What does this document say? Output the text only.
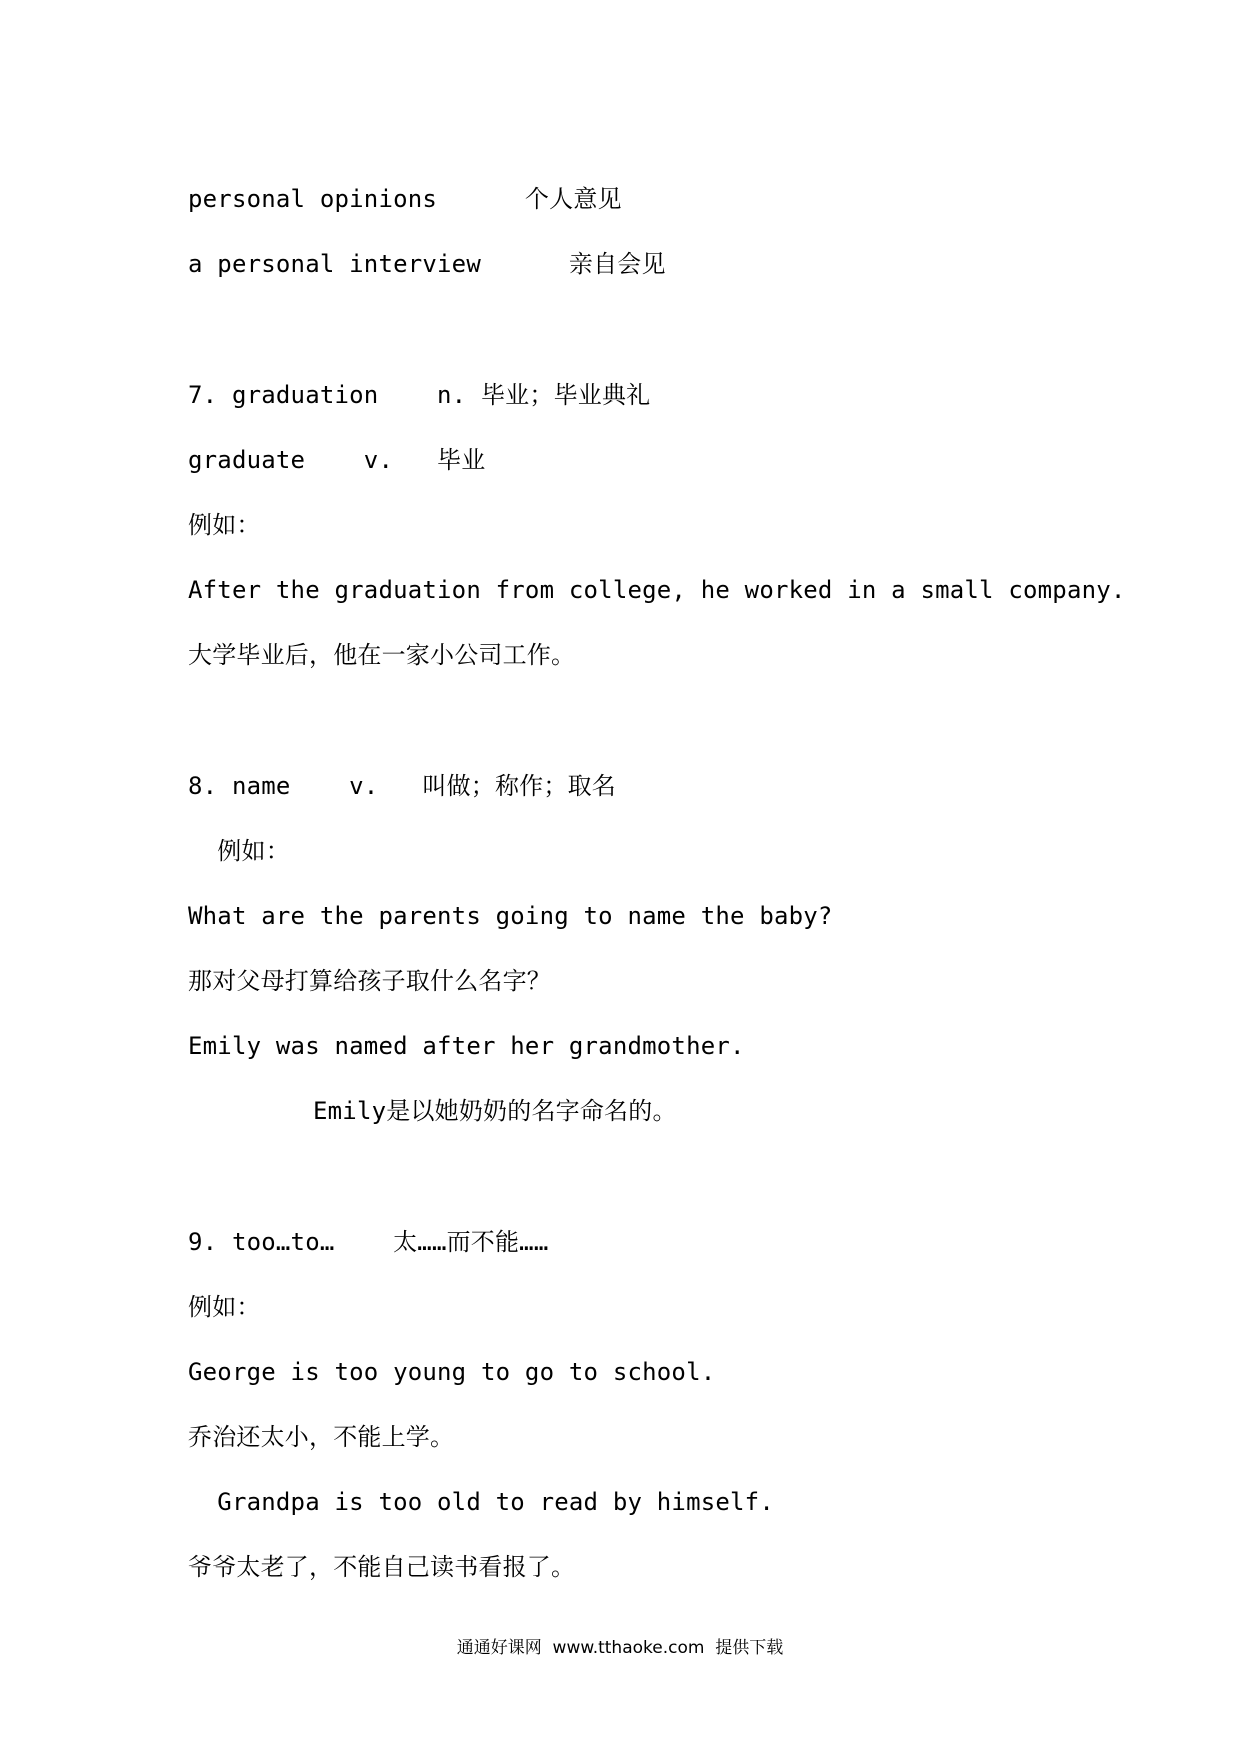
personal opinions      个人意见
a personal interview      亲自会见
7. graduation    n. 毕业；毕业典礼
graduate    v.   毕业
例如：
After the graduation from college, he worked in a small company.
大学毕业后，他在一家小公司工作。
8. name    v.   叫做；称作；取名
例如：
What are the parents going to name the baby?
那对父母打算给孩子取什么名字？
Emily was named after her grandmother.
Emily是以她奶奶的名字命名的。
9. too…to…    太……而不能……
例如：
George is too young to go to school.
乔治还太小，不能上学。
Grandpa is too old to read by himself.
爷爷太老了，不能自己读书看报了。
通通好课网  www.tthaoke.com  提供下载
